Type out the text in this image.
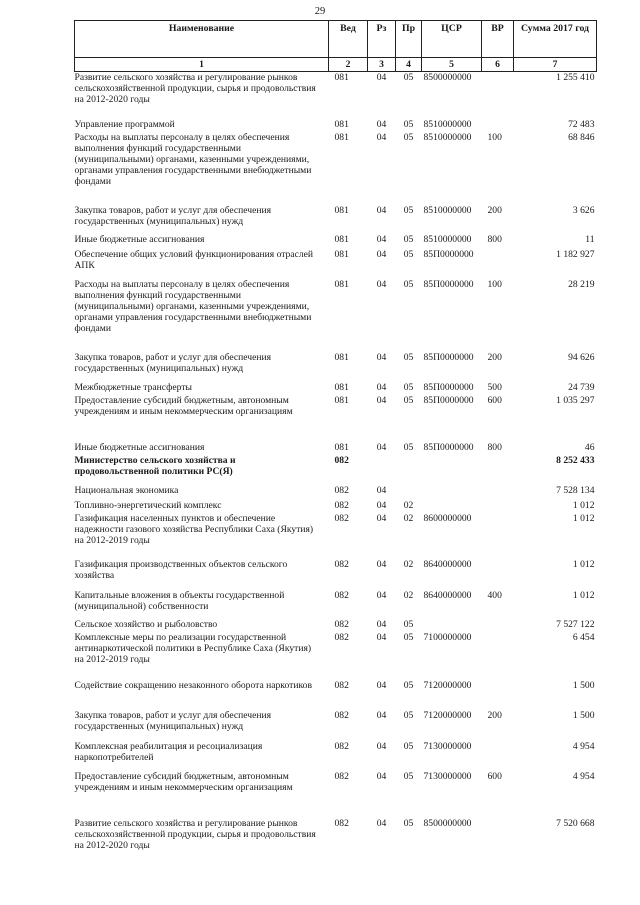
29
Наименование	Вед	Рз	Пр	ЦСР	ВР	Сумма 2017 год
1	2	3	4	5	6	7
Развитие сельского хозяйства и регулирование рынков сельскохозяйственной продукции, сырья и продовольствия на 2012-2020 годы	081	04	05	8500000000		1 255 410
Управление программой	081	04	05	8510000000		72 483
Расходы на выплаты персоналу в целях обеспечения выполнения функций государственными (муниципальными) органами, казенными учреждениями, органами управления государственными внебюджетными фондами	081	04	05	8510000000	100	68 846
Закупка товаров, работ и услуг для обеспечения государственных (муниципальных) нужд	081	04	05	8510000000	200	3 626
Иные бюджетные ассигнования	081	04	05	8510000000	800	11
Обеспечение общих условий функционирования отраслей АПК	081	04	05	85П0000000		1 182 927
Расходы на выплаты персоналу в целях обеспечения выполнения функций государственными (муниципальными) органами, казенными учреждениями, органами управления государственными внебюджетными фондами	081	04	05	85П0000000	100	28 219
Закупка товаров, работ и услуг для обеспечения государственных (муниципальных) нужд	081	04	05	85П0000000	200	94 626
Межбюджетные трансферты	081	04	05	85П0000000	500	24 739
Предоставление субсидий бюджетным, автономным учреждениям и иным некоммерческим организациям	081	04	05	85П0000000	600	1 035 297
Иные бюджетные ассигнования	081	04	05	85П0000000	800	46
Министерство сельского хозяйства и продовольственной политики РС(Я)	082					8 252 433
Национальная экономика	082	04				7 528 134
Топливно-энергетический комплекс	082	04	02			1 012
Газификация населенных пунктов и обеспечение надежности газового хозяйства Республики Саха (Якутия) на 2012-2019 годы	082	04	02	8600000000		1 012
Газификация производственных объектов сельского хозяйства	082	04	02	8640000000		1 012
Капитальные вложения в объекты государственной (муниципальной) собственности	082	04	02	8640000000	400	1 012
Сельское хозяйство и рыболовство	082	04	05			7 527 122
Комплексные меры по реализации государственной антинаркотической политики в Республике Саха (Якутия) на 2012-2019 годы	082	04	05	7100000000		6 454
Содействие сокращению незаконного оборота наркотиков	082	04	05	7120000000		1 500
Закупка товаров, работ и услуг для обеспечения государственных (муниципальных) нужд	082	04	05	7120000000	200	1 500
Комплексная реабилитация и ресоциализация наркопотребителей	082	04	05	7130000000		4 954
Предоставление субсидий бюджетным, автономным учреждениям и иным некоммерческим организациям	082	04	05	7130000000	600	4 954
Развитие сельского хозяйства и регулирование рынков сельскохозяйственной продукции, сырья и продовольствия на 2012-2020 годы	082	04	05	8500000000		7 520 668
